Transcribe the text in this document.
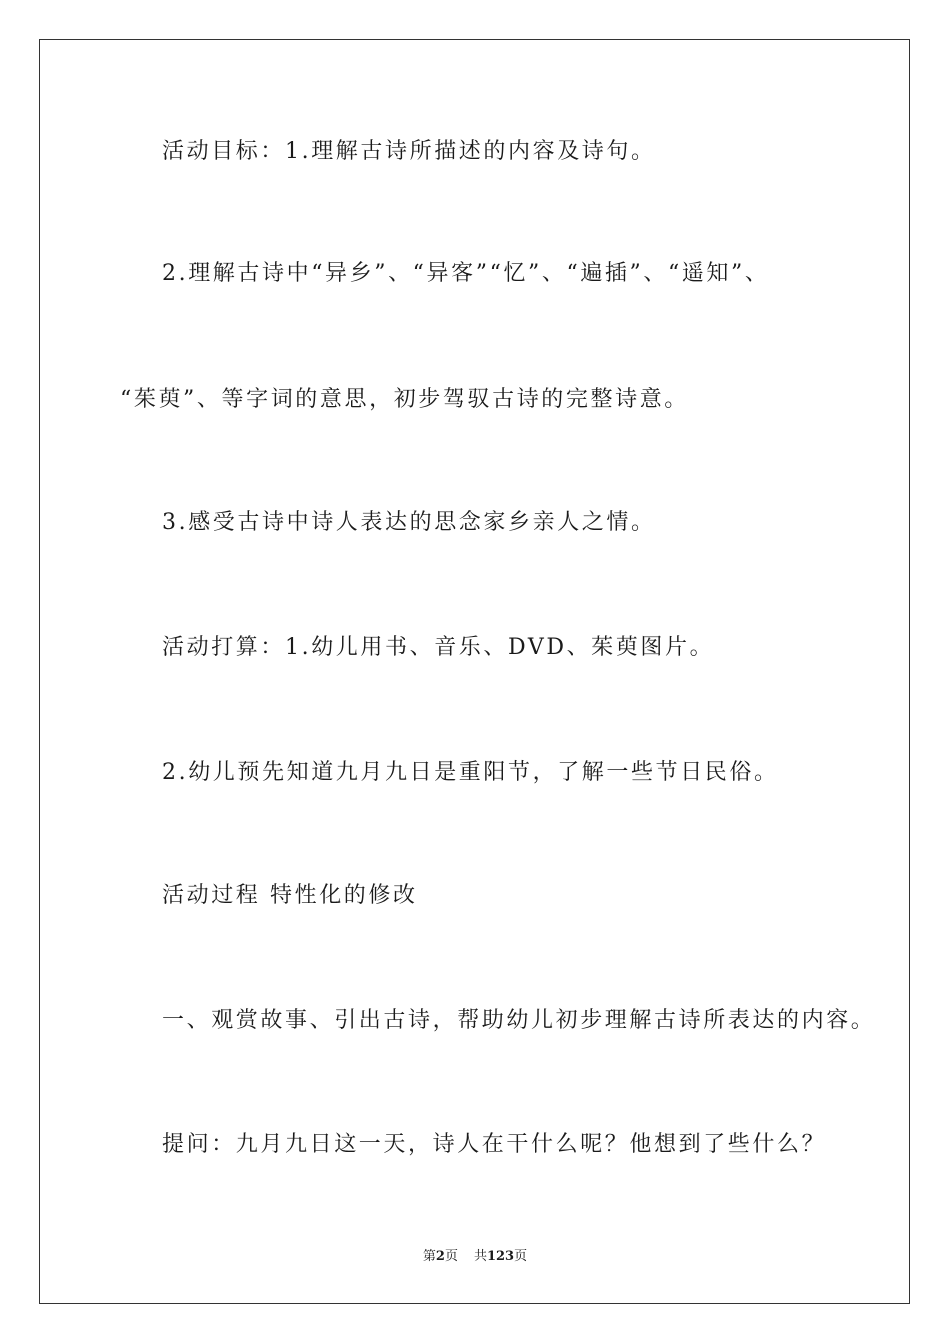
活动目标：1.理解古诗所描述的内容及诗句。
2.理解古诗中“异乡”、“异客”“忆”、“遍插”、“遥知”、
“茱萸”、等字词的意思，初步驾驭古诗的完整诗意。
3.感受古诗中诗人表达的思念家乡亲人之情。
活动打算：1.幼儿用书、音乐、DVD、茱萸图片。
2.幼儿预先知道九月九日是重阳节，了解一些节日民俗。
活动过程 特性化的修改
一、观赏故事、引出古诗，帮助幼儿初步理解古诗所表达的内容。
提问：九月九日这一天，诗人在干什么呢？他想到了些什么？
第2页 共123页
